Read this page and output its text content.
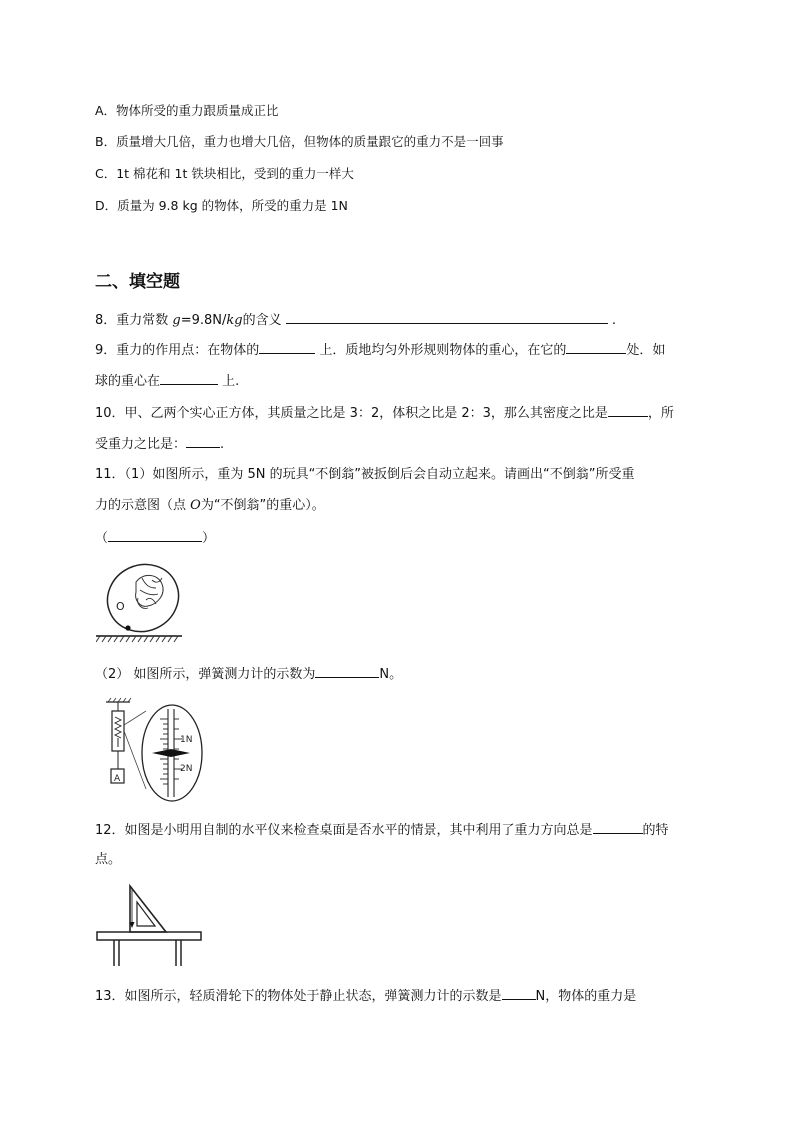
A．物体所受的重力跟质量成正比
B．质量增大几倍，重力也增大几倍，但物体的质量跟它的重力不是一回事
C．1t 棉花和 1t 铁块相比，受到的重力一样大
D．质量为 9.8 kg 的物体，所受的重力是 1N
二、填空题
8．重力常数 g=9.8N/kg的含义	.
9．重力的作用点：在物体的	上．质地均匀外形规则物体的重心，在它的	处．如
球的重心在	上.
10．甲、乙两个实心正方体，其质量之比是 3：2，体积之比是 2：3，那么其密度之比是	，所
受重力之比是：	.
11．（1）如图所示，重为 5N 的玩具“不倒翁”被扳倒后会自动立起来。请画出“不倒翁”所受重
力的示意图（点 O为“不倒翁”的重心）。
（	）
O
（2） 如图所示，弹簧测力计的示数为	N。
A
1N
2N
12．如图是小明用自制的水平仪来检查桌面是否水平的情景，其中利用了重力方向总是	的特
点。
13．如图所示，轻质滑轮下的物体处于静止状态，弹簧测力计的示数是	N，物体的重力是
